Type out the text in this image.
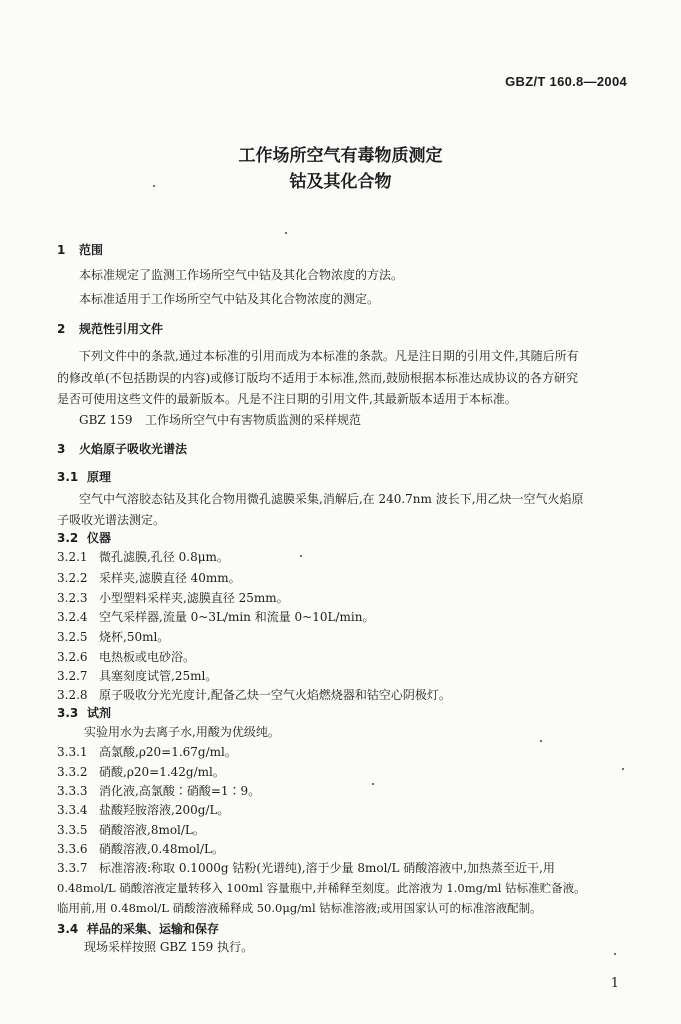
GBZ/T 160.8—2004
工作场所空气有毒物质测定
钴及其化合物
1 范围
本标准规定了监测工作场所空气中钴及其化合物浓度的方法。
本标准适用于工作场所空气中钴及其化合物浓度的测定。
2 规范性引用文件
下列文件中的条款,通过本标准的引用而成为本标准的条款。凡是注日期的引用文件,其随后所有
的修改单(不包括勘误的内容)或修订版均不适用于本标准,然而,鼓励根据本标准达成协议的各方研究
是否可使用这些文件的最新版本。凡是不注日期的引用文件,其最新版本适用于本标准。
GBZ 159 工作场所空气中有害物质监测的采样规范
3 火焰原子吸收光谱法
3.1 原理
空气中气溶胶态钴及其化合物用微孔滤膜采集,消解后,在 240.7nm 波长下,用乙炔一空气火焰原
子吸收光谱法测定。
3.2 仪器
3.2.1 微孔滤膜,孔径 0.8μm。
3.2.2 采样夹,滤膜直径 40mm。
3.2.3 小型塑料采样夹,滤膜直径 25mm。
3.2.4 空气采样器,流量 0~3L/min 和流量 0~10L/min。
3.2.5 烧杯,50ml。
3.2.6 电热板或电砂浴。
3.2.7 具塞刻度试管,25ml。
3.2.8 原子吸收分光光度计,配备乙炔一空气火焰燃烧器和钴空心阴极灯。
3.3 试剂
实验用水为去离子水,用酸为优级纯。
3.3.1 高氯酸,ρ20=1.67g/ml。
3.3.2 硝酸,ρ20=1.42g/ml。
3.3.3 消化液,高氯酸∶硝酸=1∶9。
3.3.4 盐酸羟胺溶液,200g/L。
3.3.5 硝酸溶液,8mol/L。
3.3.6 硝酸溶液,0.48mol/L。
3.3.7 标准溶液:称取 0.1000g 钴粉(光谱纯),溶于少量 8mol/L 硝酸溶液中,加热蒸至近干,用
0.48mol/L 硝酸溶液定量转移入 100ml 容量瓶中,并稀释至刻度。此溶液为 1.0mg/ml 钴标准贮备液。
临用前,用 0.48mol/L 硝酸溶液稀释成 50.0μg/ml 钴标准溶液;或用国家认可的标准溶液配制。
3.4 样品的采集、运输和保存
现场采样按照 GBZ 159 执行。
1
